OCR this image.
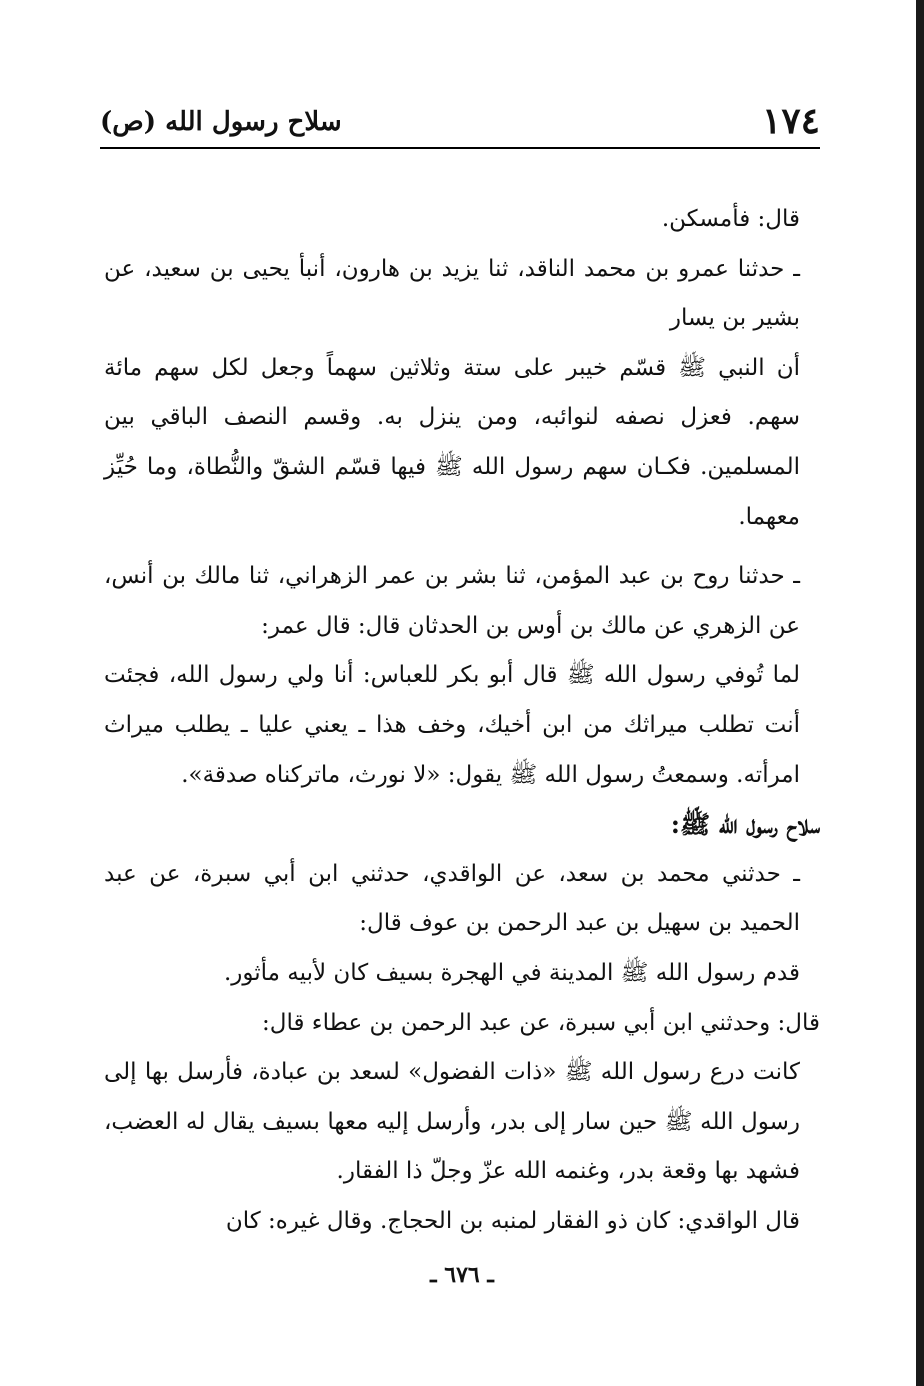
١٧٤
سلاح رسول الله (ص)

قال: فأمسكن.

ـ حدثنا عمرو بن محمد الناقد، ثنا يزيد بن هارون، أنبأ يحيى بن سعيد، عن بشير بن يسار

أن النبي ﷺ قسّم خيبر على ستة وثلاثين سهماً وجعل لكل سهم مائة سهم. فعزل نصفه لنوائبه، ومن ينزل به. وقسم النصف الباقي بين المسلمين. فكـان سهم رسول الله ﷺ فيها قسّم الشقّ والنُّطاة، وما حُيِّز معهما.

ـ حدثنا روح بن عبد المؤمن، ثنا بشر بن عمر الزهراني، ثنا مالك بن أنس، عن الزهري عن مالك بن أوس بن الحدثان قال: قال عمر:

لما تُوفي رسول الله ﷺ قال أبو بكر للعباس: أنا ولي رسول الله، فجئت أنت تطلب ميراثك من ابن أخيك، وخف هذا ـ يعني عليا ـ يطلب ميراث امرأته. وسمعتُ رسول الله ﷺ يقول: «لا نورث، ماتركناه صدقة».

سلاح رسول الله ﷺ:

ـ حدثني محمد بن سعد، عن الواقدي، حدثني ابن أبي سبرة، عن عبد الحميد بن سهيل بن عبد الرحمن بن عوف قال:

قدم رسول الله ﷺ المدينة في الهجرة بسيف كان لأبيه مأثور.

قال: وحدثني ابن أبي سبرة، عن عبد الرحمن بن عطاء قال:

كانت درع رسول الله ﷺ «ذات الفضول» لسعد بن عبادة، فأرسل بها إلى رسول الله ﷺ حين سار إلى بدر، وأرسل إليه معها بسيف يقال له العضب، فشهد بها وقعة بدر، وغنمه الله عزّ وجلّ ذا الفقار.

قال الواقدي: كان ذو الفقار لمنبه بن الحجاج. وقال غيره: كان

ـ ٦٧٦ ـ
